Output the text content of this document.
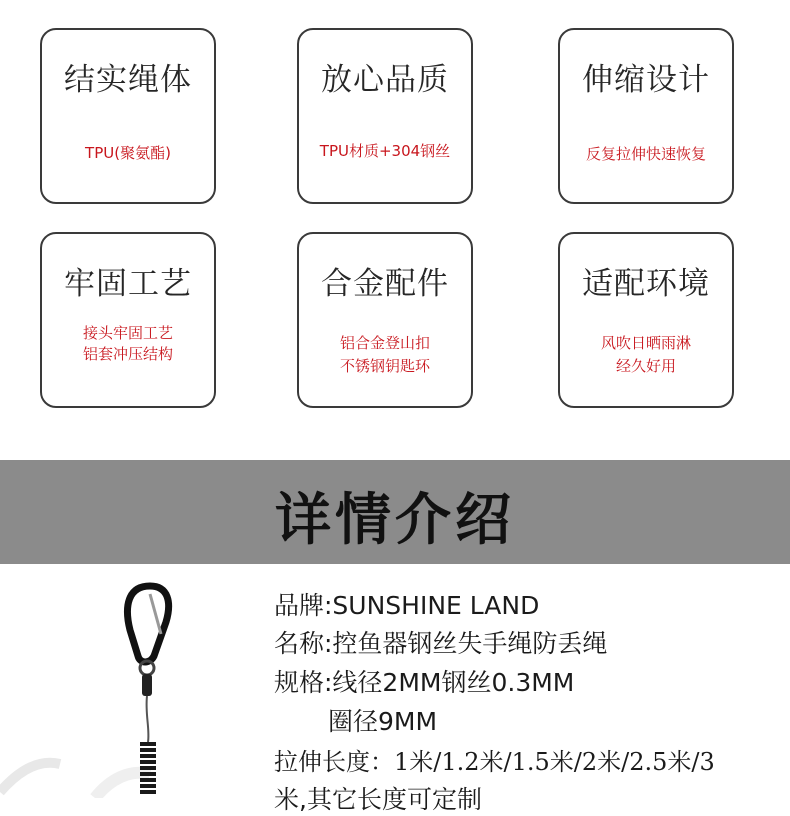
结实绳体
TPU(聚氨酯)
放心品质
TPU材质+304钢丝
伸缩设计
反复拉伸快速恢复
牢固工艺
接头牢固工艺
铝套冲压结构
合金配件
铝合金登山扣
不锈钢钥匙环
适配环境
风吹日晒雨淋
经久好用
详情介绍
品牌:SUNSHINE LAND
名称:控鱼器钢丝失手绳防丢绳
规格:线径2MM钢丝0.3MM
圈径9MM
拉伸长度：1米/1.2米/1.5米/2米/2.5米/3
米,其它长度可定制
